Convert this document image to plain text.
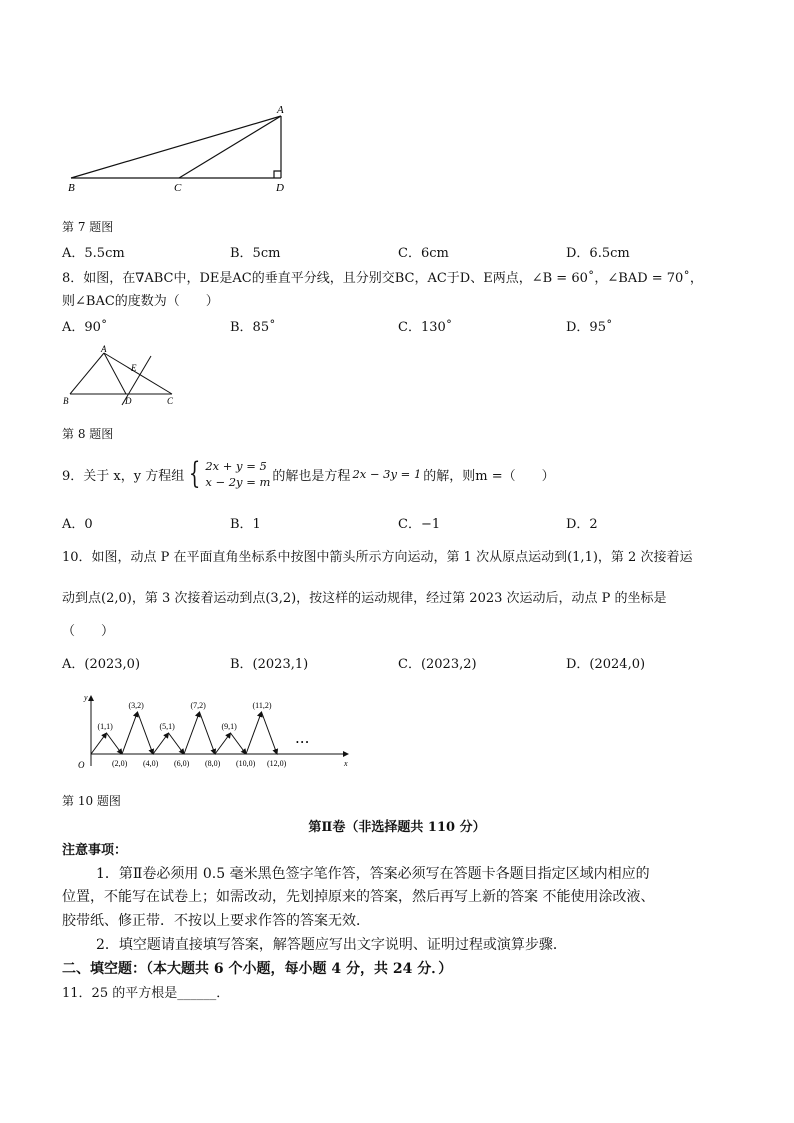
A
B	C	D
第 7 题图
A．5.5cm	B．5cm	C．6cm	D．6.5cm
8．如图，在∇ABC中，DE是AC的垂直平分线，且分别交BC，AC于D、E两点，∠B = 60˚，∠BAD = 70˚，
则∠BAC的度数为（　　）
A．90˚	B．85˚	C．130˚	D．95˚
A
B	C
D
E
第 8 题图
9．关于 x，y 方程组 { 2x + y = 5
x − 2y = m 的解也是方程 2x − 3y = 1 的解，则m =（　　）
A．0	B．1	C．−1	D．2
10．如图，动点 P 在平面直角坐标系中按图中箭头所示方向运动，第 1 次从原点运动到(1,1)，第 2 次接着运
动到点(2,0)，第 3 次接着运动到点(3,2)，按这样的运动规律，经过第 2023 次运动后，动点 P 的坐标是
（　　）
A．(2023,0)	B．(2023,1)	C．(2023,2)	D．(2024,0)
y
x
O
(1,1)
(3,2)
(5,1)
(7,2)
(9,1)
(11,2)
(2,0) (4,0) (6,0) (8,0) (10,0) (12,0)
• • •
第 10 题图
第Ⅱ卷（非选择题共 110 分）
注意事项：
1．第Ⅱ卷必须用 0.5 毫米黑色签字笔作答，答案必须写在答题卡各题目指定区域内相应的
位置，不能写在试卷上；如需改动，先划掉原来的答案，然后再写上新的答案 不能使用涂改液、
胶带纸、修正带．不按以上要求作答的答案无效．
2．填空题请直接填写答案，解答题应写出文字说明、证明过程或演算步骤．
二、填空题：（本大题共 6 个小题，每小题 4 分，共 24 分．）
11．25 的平方根是______．
